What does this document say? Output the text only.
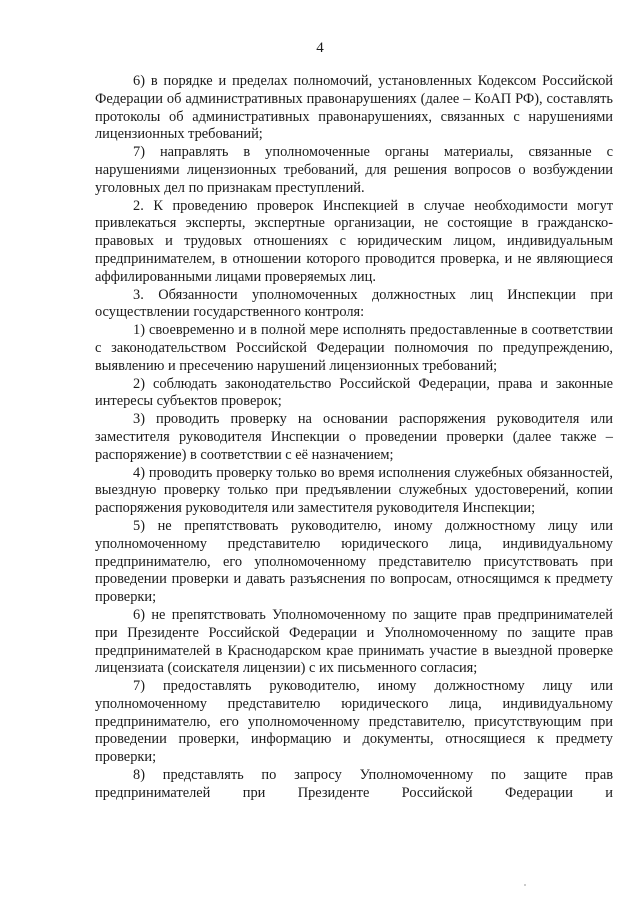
4

6) в порядке и пределах полномочий, установленных Кодексом Российской Федерации об административных правонарушениях (далее – КоАП РФ), составлять протоколы об административных правонарушениях, связанных с нарушениями лицензионных требований;

7) направлять в уполномоченные органы материалы, связанные с нарушениями лицензионных требований, для решения вопросов о возбуждении уголовных дел по признакам преступлений.

2. К проведению проверок Инспекцией в случае необходимости могут привлекаться эксперты, экспертные организации, не состоящие в гражданско-правовых и трудовых отношениях с юридическим лицом, индивидуальным предпринимателем, в отношении которого проводится проверка, и не являющиеся аффилированными лицами проверяемых лиц.

3. Обязанности уполномоченных должностных лиц Инспекции при осуществлении государственного контроля:

1) своевременно и в полной мере исполнять предоставленные в соответствии с законодательством Российской Федерации полномочия по предупреждению, выявлению и пресечению нарушений лицензионных требований;

2) соблюдать законодательство Российской Федерации, права и законные интересы субъектов проверок;

3) проводить проверку на основании распоряжения руководителя или заместителя руководителя Инспекции о проведении проверки (далее также – распоряжение) в соответствии с её назначением;

4) проводить проверку только во время исполнения служебных обязанностей, выездную проверку только при предъявлении служебных удостоверений, копии распоряжения руководителя или заместителя руководителя Инспекции;

5) не препятствовать руководителю, иному должностному лицу или уполномоченному представителю юридического лица, индивидуальному предпринимателю, его уполномоченному представителю присутствовать при проведении проверки и давать разъяснения по вопросам, относящимся к предмету проверки;

6) не препятствовать Уполномоченному по защите прав предпринимателей при Президенте Российской Федерации и Уполномоченному по защите прав предпринимателей в Краснодарском крае принимать участие в выездной проверке лицензиата (соискателя лицензии) с их письменного согласия;

7) предоставлять руководителю, иному должностному лицу или уполномоченному представителю юридического лица, индивидуальному предпринимателю, его уполномоченному представителю, присутствующим при проведении проверки, информацию и документы, относящиеся к предмету проверки;

8) представлять по запросу Уполномоченному по защите прав предпринимателей при Президенте Российской Федерации и
